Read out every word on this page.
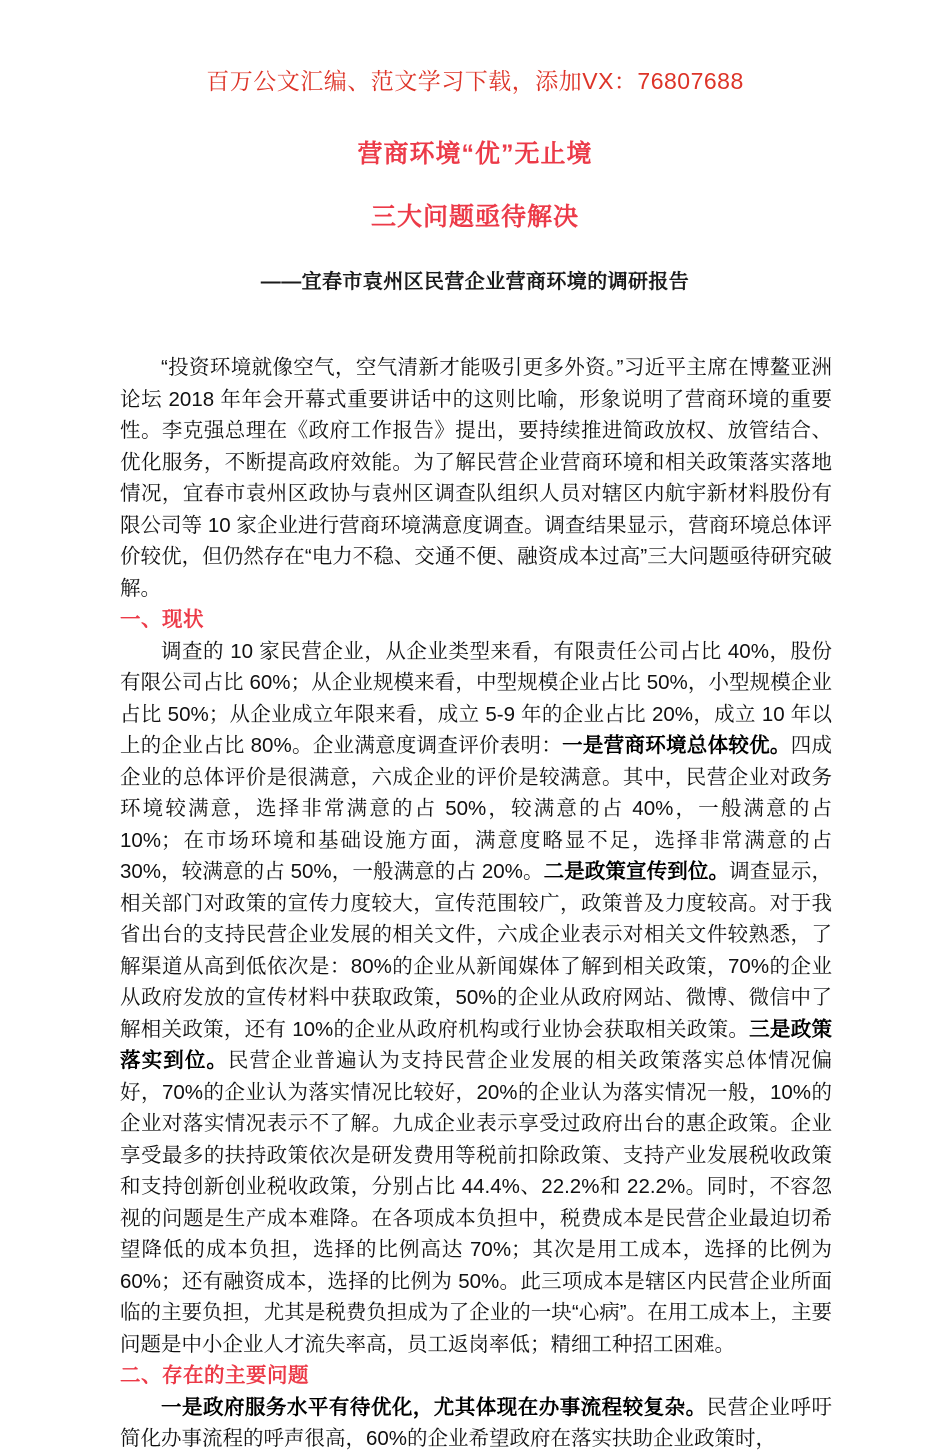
百万公文汇编、范文学习下载，添加VX：76807688
营商环境“优”无止境
三大问题亟待解决
——宜春市袁州区民营企业营商环境的调研报告

“投资环境就像空气，空气清新才能吸引更多外资。”习近平主席在博鳌亚洲论坛 2018 年年会开幕式重要讲话中的这则比喻，形象说明了营商环境的重要性。李克强总理在《政府工作报告》提出，要持续推进简政放权、放管结合、优化服务，不断提高政府效能。为了解民营企业营商环境和相关政策落实落地情况，宜春市袁州区政协与袁州区调查队组织人员对辖区内航宇新材料股份有限公司等 10 家企业进行营商环境满意度调查。调查结果显示，营商环境总体评价较优，但仍然存在“电力不稳、交通不便、融资成本过高”三大问题亟待研究破解。

一、现状

调查的 10 家民营企业，从企业类型来看，有限责任公司占比 40%，股份有限公司占比 60%；从企业规模来看，中型规模企业占比 50%，小型规模企业占比 50%；从企业成立年限来看，成立 5-9 年的企业占比 20%，成立 10 年以上的企业占比 80%。企业满意度调查评价表明：一是营商环境总体较优。四成企业的总体评价是很满意，六成企业的评价是较满意。其中，民营企业对政务环境较满意，选择非常满意的占 50%，较满意的占 40%，一般满意的占 10%；在市场环境和基础设施方面，满意度略显不足，选择非常满意的占 30%，较满意的占 50%，一般满意的占 20%。二是政策宣传到位。调查显示，相关部门对政策的宣传力度较大，宣传范围较广，政策普及力度较高。对于我省出台的支持民营企业发展的相关文件，六成企业表示对相关文件较熟悉，了解渠道从高到低依次是：80%的企业从新闻媒体了解到相关政策，70%的企业从政府发放的宣传材料中获取政策，50%的企业从政府网站、微博、微信中了解相关政策，还有 10%的企业从政府机构或行业协会获取相关政策。三是政策落实到位。民营企业普遍认为支持民营企业发展的相关政策落实总体情况偏好，70%的企业认为落实情况比较好，20%的企业认为落实情况一般，10%的企业对落实情况表示不了解。九成企业表示享受过政府出台的惠企政策。企业享受最多的扶持政策依次是研发费用等税前扣除政策、支持产业发展税收政策和支持创新创业税收政策，分别占比 44.4%、22.2%和 22.2%。同时，不容忽视的问题是生产成本难降。在各项成本负担中，税费成本是民营企业最迫切希望降低的成本负担，选择的比例高达 70%；其次是用工成本，选择的比例为 60%；还有融资成本，选择的比例为 50%。此三项成本是辖区内民营企业所面临的主要负担，尤其是税费负担成为了企业的一块“心病”。在用工成本上，主要问题是中小企业人才流失率高，员工返岗率低；精细工种招工困难。

二、存在的主要问题

一是政府服务水平有待优化，尤其体现在办事流程较复杂。民营企业呼吁简化办事流程的呼声很高，60%的企业希望政府在落实扶助企业政策时，
